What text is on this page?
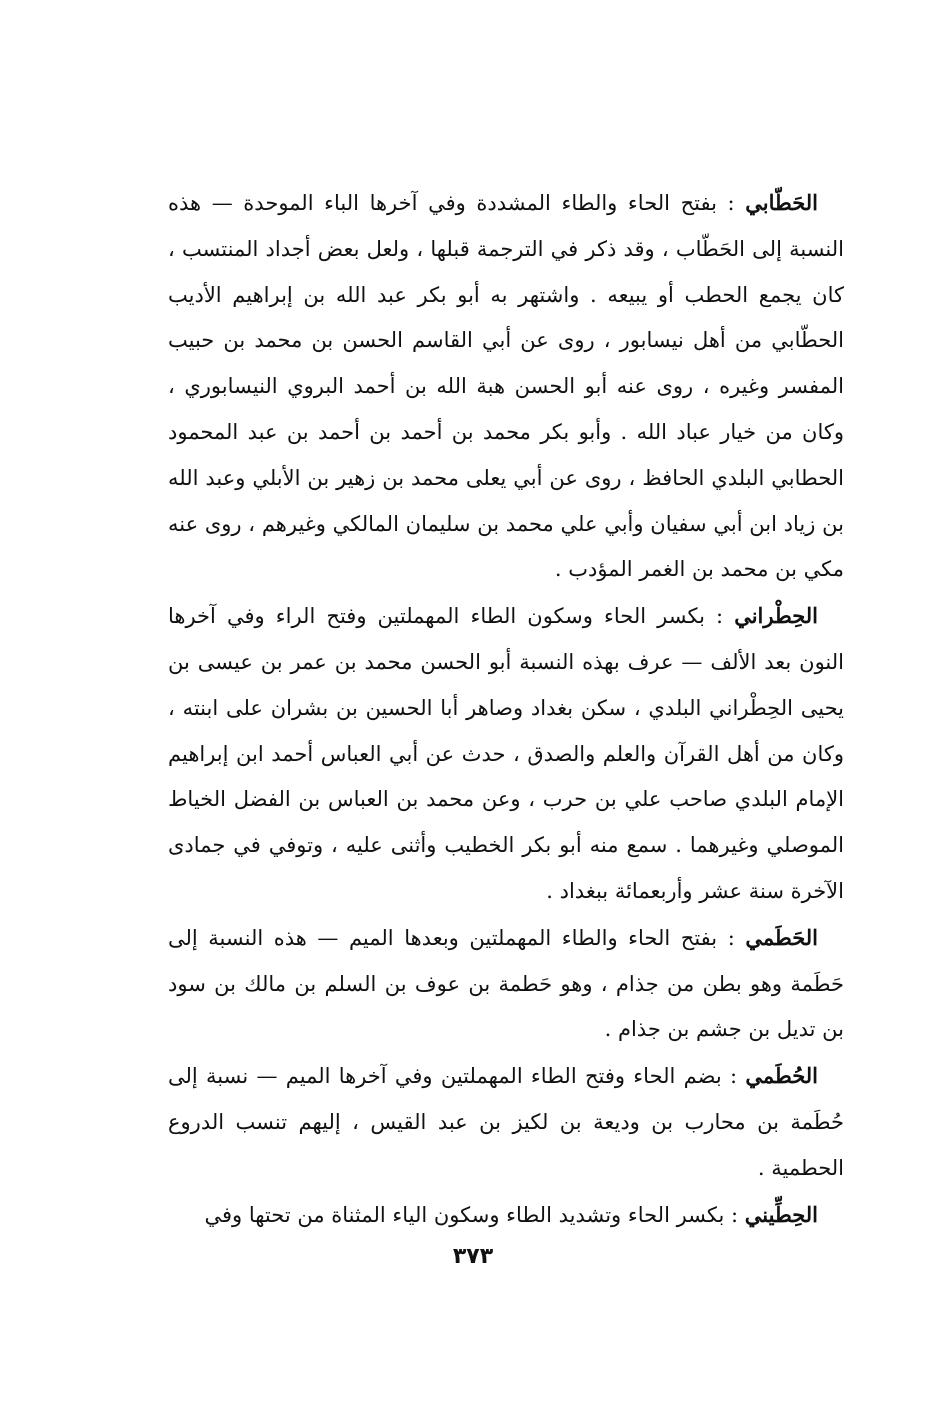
الحَطّابي : بفتح الحاء والطاء المشددة وفي آخرها الباء الموحدة — هذه النسبة إلى الحَطّاب ، وقد ذكر في الترجمة قبلها ، ولعل بعض أجداد المنتسب ، كان يجمع الحطب أو يبيعه . واشتهر به أبو بكر عبد الله بن إبراهيم الأديب الحطّابي من أهل نيسابور ، روى عن أبي القاسم الحسن بن محمد بن حبيب المفسر وغيره ، روى عنه أبو الحسن هبة الله بن أحمد البروي النيسابوري ، وكان من خيار عباد الله . وأبو بكر محمد بن أحمد بن أحمد بن عبد المحمود الحطابي البلدي الحافظ ، روى عن أبي يعلى محمد بن زهير بن الأبلي وعبد الله بن زياد ابن أبي سفيان وأبي علي محمد بن سليمان المالكي وغيرهم ، روى عنه مكي بن محمد بن الغمر المؤدب .

الحِطْراني : بكسر الحاء وسكون الطاء المهملتين وفتح الراء وفي آخرها النون بعد الألف — عرف بهذه النسبة أبو الحسن محمد بن عمر بن عيسى بن يحيى الحِطْراني البلدي ، سكن بغداد وصاهر أبا الحسين بن بشران على ابنته ، وكان من أهل القرآن والعلم والصدق ، حدث عن أبي العباس أحمد ابن إبراهيم الإمام البلدي صاحب علي بن حرب ، وعن محمد بن العباس بن الفضل الخياط الموصلي وغيرهما . سمع منه أبو بكر الخطيب وأثنى عليه ، وتوفي في جمادى الآخرة سنة عشر وأربعمائة ببغداد .

الحَطَمي : بفتح الحاء والطاء المهملتين وبعدها الميم — هذه النسبة إلى حَطَمة وهو بطن من جذام ، وهو حَطمة بن عوف بن السلم بن مالك بن سود بن تديل بن جشم بن جذام .

الحُطَمي : بضم الحاء وفتح الطاء المهملتين وفي آخرها الميم — نسبة إلى حُطَمة بن محارب بن وديعة بن لكيز بن عبد القيس ، إليهم تنسب الدروع الحطمية .

الحِطِّيني : بكسر الحاء وتشديد الطاء وسكون الياء المثناة من تحتها وفي

٣٧٣
